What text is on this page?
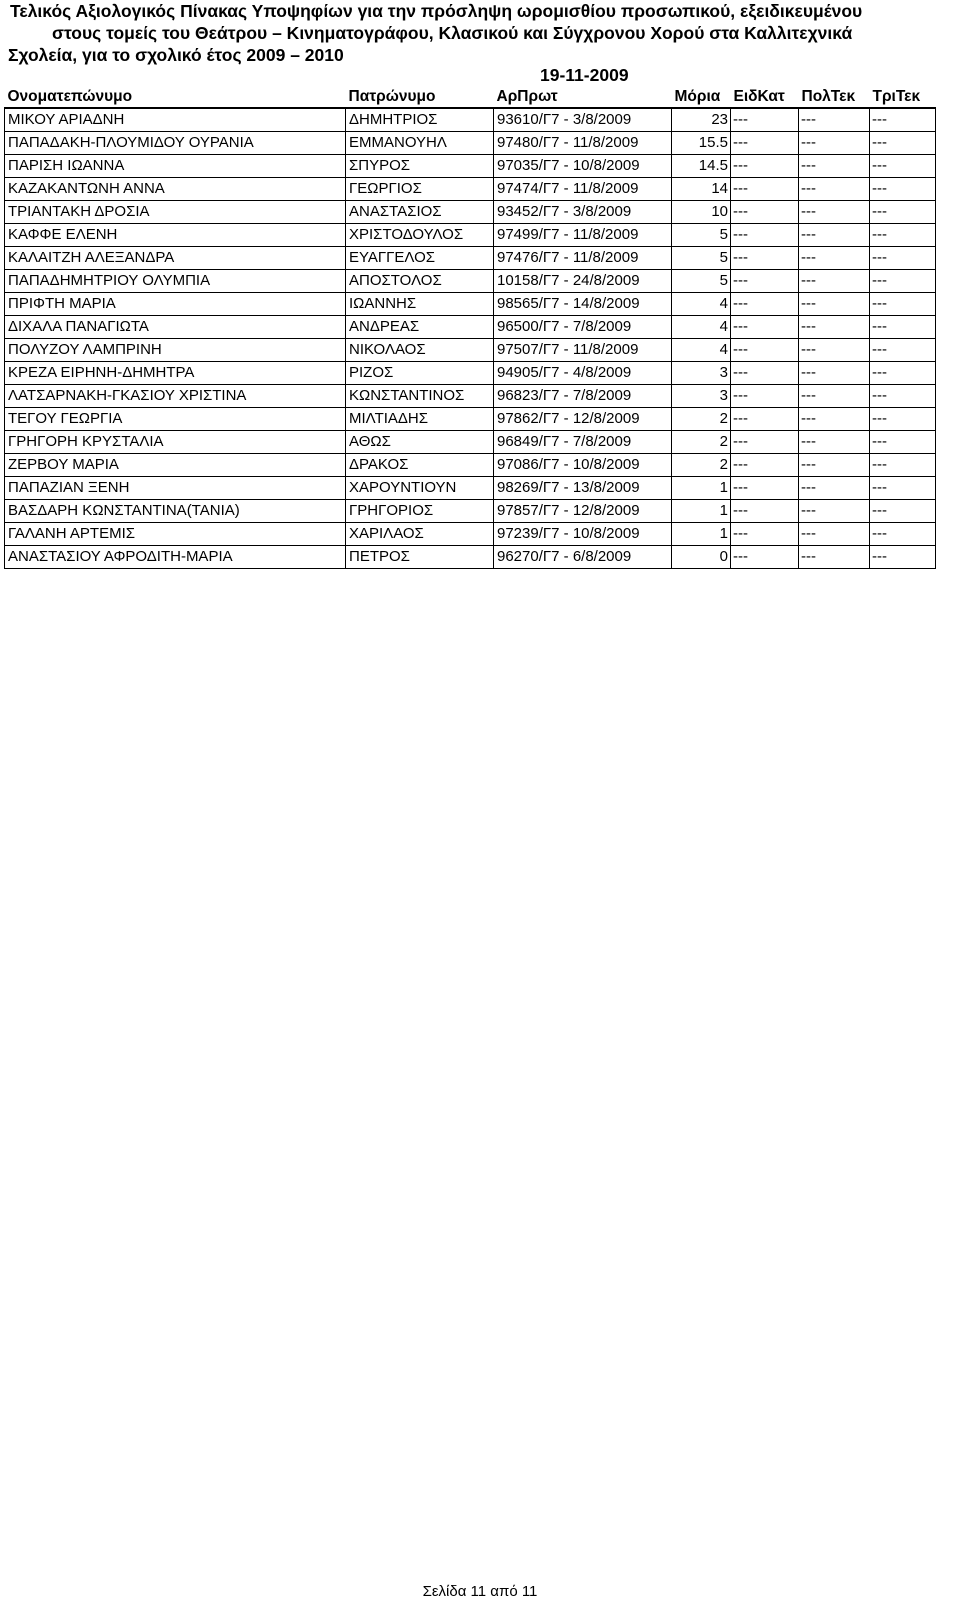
Τελικός Αξιολογικός Πίνακας Υποψηφίων για την πρόσληψη ωρομισθίου προσωπικού, εξειδικευμένου
στους τομείς του Θεάτρου – Κινηματογράφου, Κλασικού και Σύγχρονου Χορού στα Καλλιτεχνικά
Σχολεία, για το σχολικό έτος 2009 – 2010
19-11-2009
Ονοματεπώνυμο	Πατρώνυμο	ΑρΠρωτ	Μόρια	ΕιδΚατ	ΠολΤεκ	ΤριΤεκ
ΜΙΚΟΥ ΑΡΙΑΔΝΗ	ΔΗΜΗΤΡΙΟΣ	93610/Γ7 - 3/8/2009	23	---	---	---
ΠΑΠΑΔΑΚΗ-ΠΛΟΥΜΙΔΟΥ ΟΥΡΑΝΙΑ	ΕΜΜΑΝΟΥΗΛ	97480/Γ7 - 11/8/2009	15.5	---	---	---
ΠΑΡΙΣΗ ΙΩΑΝΝΑ	ΣΠΥΡΟΣ	97035/Γ7 - 10/8/2009	14.5	---	---	---
ΚΑΖΑΚΑΝΤΩΝΗ ΑΝΝΑ	ΓΕΩΡΓΙΟΣ	97474/Γ7 - 11/8/2009	14	---	---	---
ΤΡΙΑΝΤΑΚΗ ΔΡΟΣΙΑ	ΑΝΑΣΤΑΣΙΟΣ	93452/Γ7 - 3/8/2009	10	---	---	---
ΚΑΦΦΕ ΕΛΕΝΗ	ΧΡΙΣΤΟΔΟΥΛΟΣ	97499/Γ7 - 11/8/2009	5	---	---	---
ΚΑΛΑΙΤΖΗ ΑΛΕΞΑΝΔΡΑ	ΕΥΑΓΓΕΛΟΣ	97476/Γ7 - 11/8/2009	5	---	---	---
ΠΑΠΑΔΗΜΗΤΡΙΟΥ ΟΛΥΜΠΙΑ	ΑΠΟΣΤΟΛΟΣ	10158/Γ7 - 24/8/2009	5	---	---	---
ΠΡΙΦΤΗ ΜΑΡΙΑ	ΙΩΑΝΝΗΣ	98565/Γ7 - 14/8/2009	4	---	---	---
ΔΙΧΑΛΑ ΠΑΝΑΓΙΩΤΑ	ΑΝΔΡΕΑΣ	96500/Γ7 - 7/8/2009	4	---	---	---
ΠΟΛΥΖΟΥ ΛΑΜΠΡΙΝΗ	ΝΙΚΟΛΑΟΣ	97507/Γ7 - 11/8/2009	4	---	---	---
ΚΡΕΖΑ ΕΙΡΗΝΗ-ΔΗΜΗΤΡΑ	ΡΙΖΟΣ	94905/Γ7 - 4/8/2009	3	---	---	---
ΛΑΤΣΑΡΝΑΚΗ-ΓΚΑΣΙΟΥ ΧΡΙΣΤΙΝΑ	ΚΩΝΣΤΑΝΤΙΝΟΣ	96823/Γ7 - 7/8/2009	3	---	---	---
ΤΕΓΟΥ ΓΕΩΡΓΙΑ	ΜΙΛΤΙΑΔΗΣ	97862/Γ7 - 12/8/2009	2	---	---	---
ΓΡΗΓΟΡΗ ΚΡΥΣΤΑΛΙΑ	ΑΘΩΣ	96849/Γ7 - 7/8/2009	2	---	---	---
ΖΕΡΒΟΥ ΜΑΡΙΑ	ΔΡΑΚΟΣ	97086/Γ7 - 10/8/2009	2	---	---	---
ΠΑΠΑΖΙΑΝ ΞΕΝΗ	ΧΑΡΟΥΝΤΙΟΥΝ	98269/Γ7 - 13/8/2009	1	---	---	---
ΒΑΣΔΑΡΗ ΚΩΝΣΤΑΝΤΙΝΑ(ΤΑΝΙΑ)	ΓΡΗΓΟΡΙΟΣ	97857/Γ7 - 12/8/2009	1	---	---	---
ΓΑΛΑΝΗ ΑΡΤΕΜΙΣ	ΧΑΡΙΛΑΟΣ	97239/Γ7 - 10/8/2009	1	---	---	---
ΑΝΑΣΤΑΣΙΟΥ ΑΦΡΟΔΙΤΗ-ΜΑΡΙΑ	ΠΕΤΡΟΣ	96270/Γ7 - 6/8/2009	0	---	---	---
Σελίδα 11 από 11
